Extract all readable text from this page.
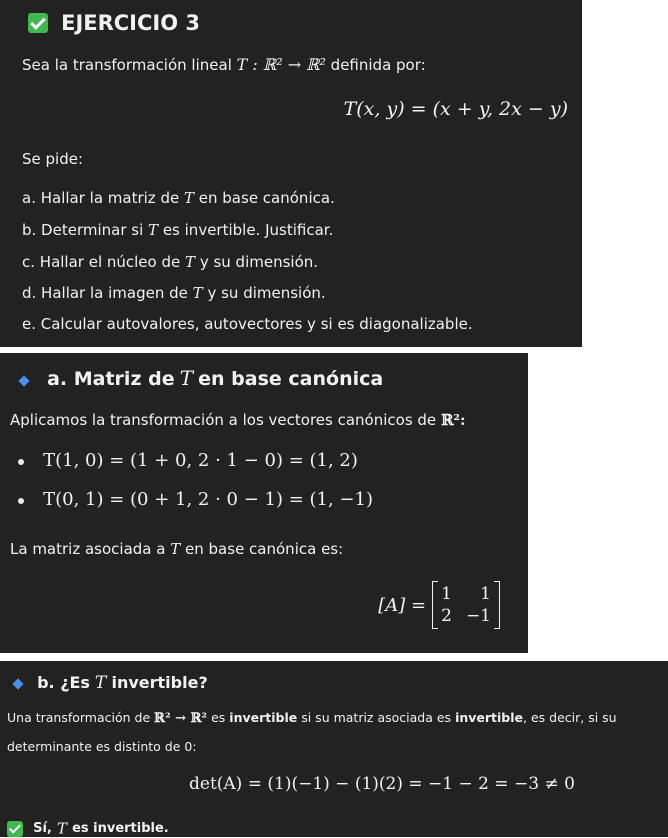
EJERCICIO 3
Sea la transformación lineal T : ℝ² → ℝ² definida por:
T(x, y) = (x + y, 2x − y)
Se pide:
a. Hallar la matriz de T en base canónica.
b. Determinar si T es invertible. Justificar.
c. Hallar el núcleo de T y su dimensión.
d. Hallar la imagen de T y su dimensión.
e. Calcular autovalores, autovectores y si es diagonalizable.
a. Matriz de T en base canónica
Aplicamos la transformación a los vectores canónicos de ℝ²:
T(1, 0) = (1 + 0, 2 · 1 − 0) = (1, 2)
T(0, 1) = (0 + 1, 2 · 0 − 1) = (1, −1)
La matriz asociada a T en base canónica es:
[A] =
1	1
2 −1
b. ¿Es T invertible?
Una transformación de ℝ² → ℝ² es invertible si su matriz asociada es invertible, es decir, si su
determinante es distinto de 0:
det(A) = (1)(−1) − (1)(2) = −1 − 2 = −3 ≠ 0
Sí, T es invertible.
